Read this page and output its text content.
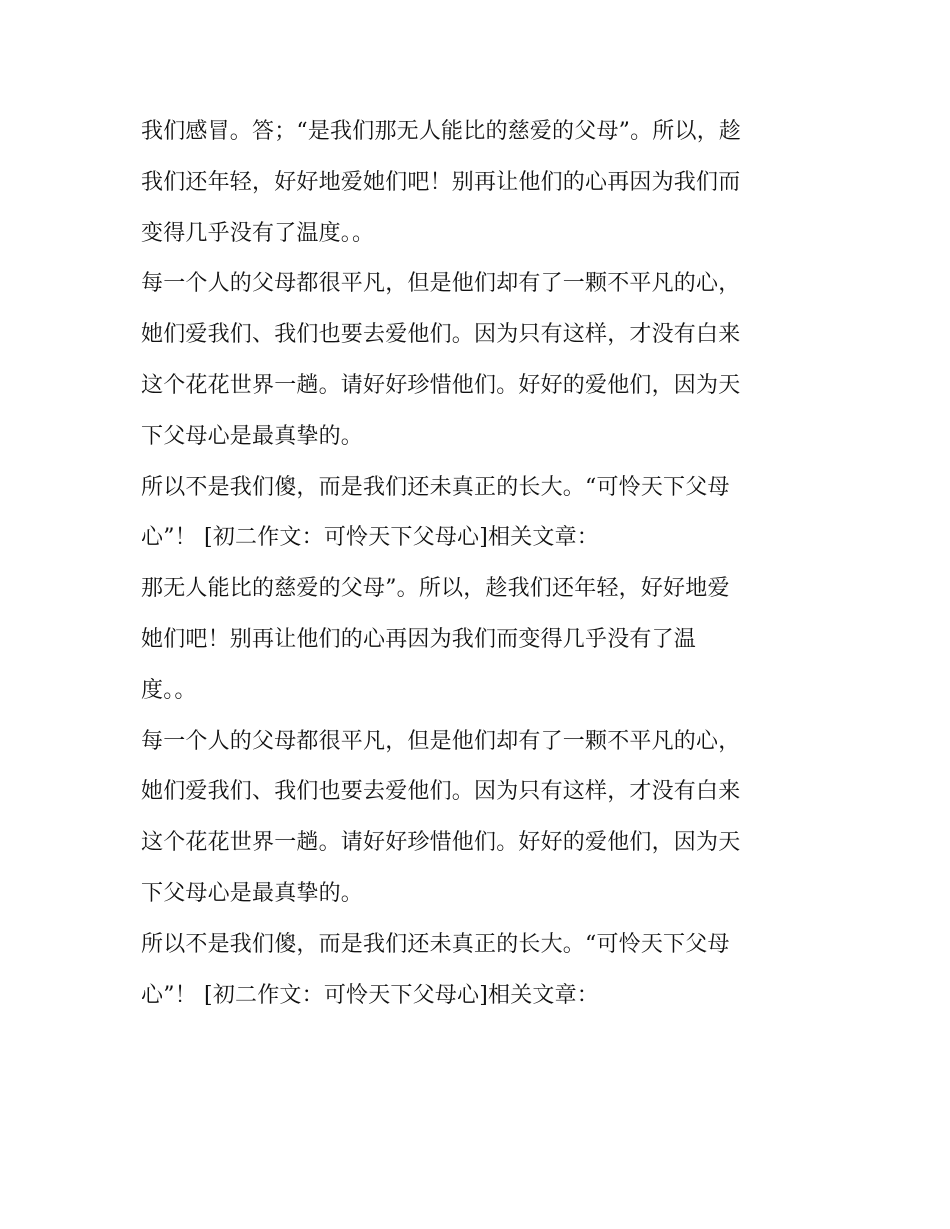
我们感冒。答；“是我们那无人能比的慈爱的父母”。所以，趁
我们还年轻，好好地爱她们吧！别再让他们的心再因为我们而
变得几乎没有了温度。。
每一个人的父母都很平凡，但是他们却有了一颗不平凡的心，
她们爱我们、我们也要去爱他们。因为只有这样，才没有白来
这个花花世界一趟。请好好珍惜他们。好好的爱他们，因为天
下父母心是最真挚的。
所以不是我们傻，而是我们还未真正的长大。“可怜天下父母
心”！ [初二作文：可怜天下父母心]相关文章：
那无人能比的慈爱的父母”。所以，趁我们还年轻，好好地爱
她们吧！别再让他们的心再因为我们而变得几乎没有了温
度。。
每一个人的父母都很平凡，但是他们却有了一颗不平凡的心，
她们爱我们、我们也要去爱他们。因为只有这样，才没有白来
这个花花世界一趟。请好好珍惜他们。好好的爱他们，因为天
下父母心是最真挚的。
所以不是我们傻，而是我们还未真正的长大。“可怜天下父母
心”！ [初二作文：可怜天下父母心]相关文章：
